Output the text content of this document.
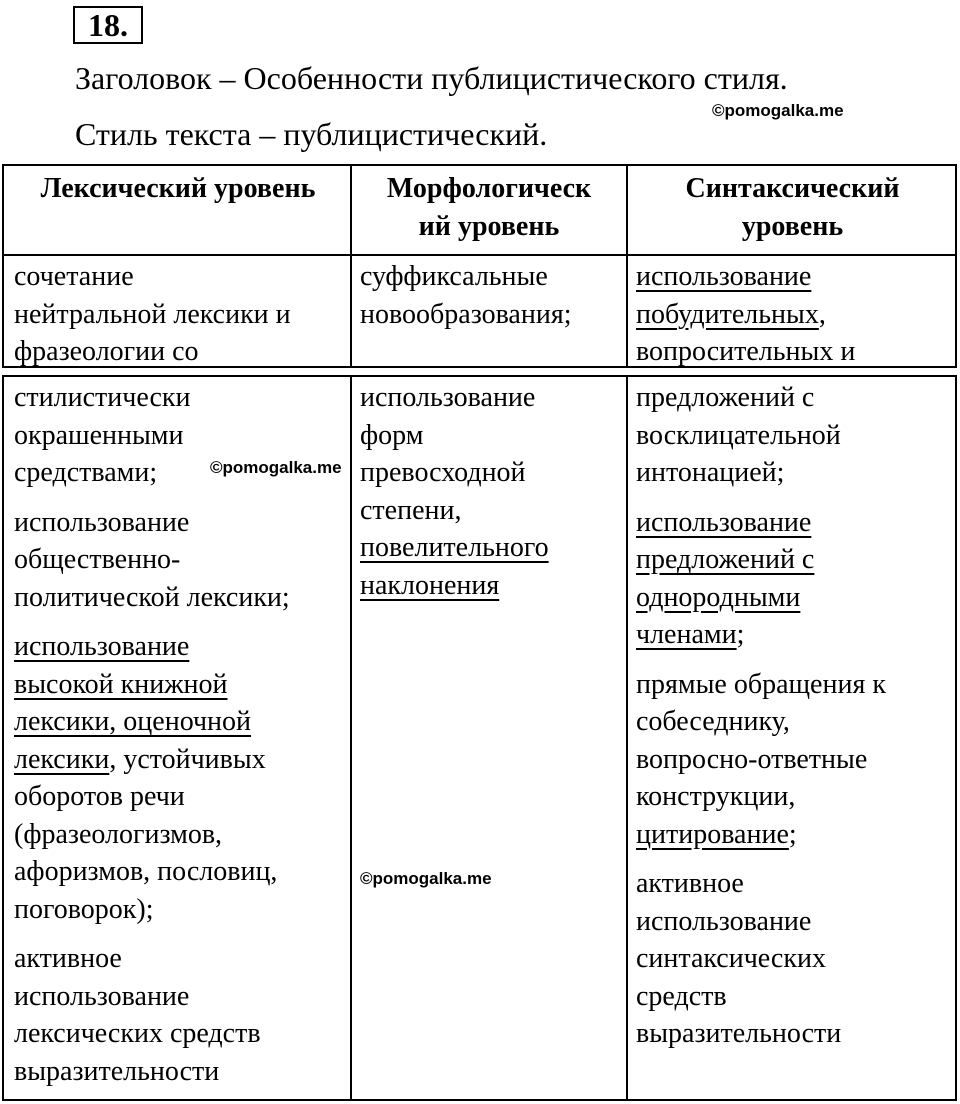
18.
Заголовок – Особенности публицистического стиля.
Стиль текста – публицистический.
©pomogalka.me
Лексический уровень	Морфологическ
ий уровень
Синтаксический
уровень
сочетание
нейтральной лексики и
фразеологии со
суффиксальные
новообразования;
использование
побудительных,
вопросительных и

стилистически
окрашенными
средствами;

использование
общественно-
политической лексики;

использование
высокой книжной
лексики, оценочной
лексики, устойчивых
оборотов речи
(фразеологизмов,
афоризмов, пословиц,
поговорок);

активное
использование
лексических средств
выразительности

использование
форм
превосходной
степени,
повелительного
наклонения

предложений с
восклицательной
интонацией;

использование
предложений с
однородными
членами;

прямые обращения к
собеседнику,
вопросно-ответные
конструкции,
цитирование;

активное
использование
синтаксических
средств
выразительности

©pomogalka.me
©pomogalka.me
